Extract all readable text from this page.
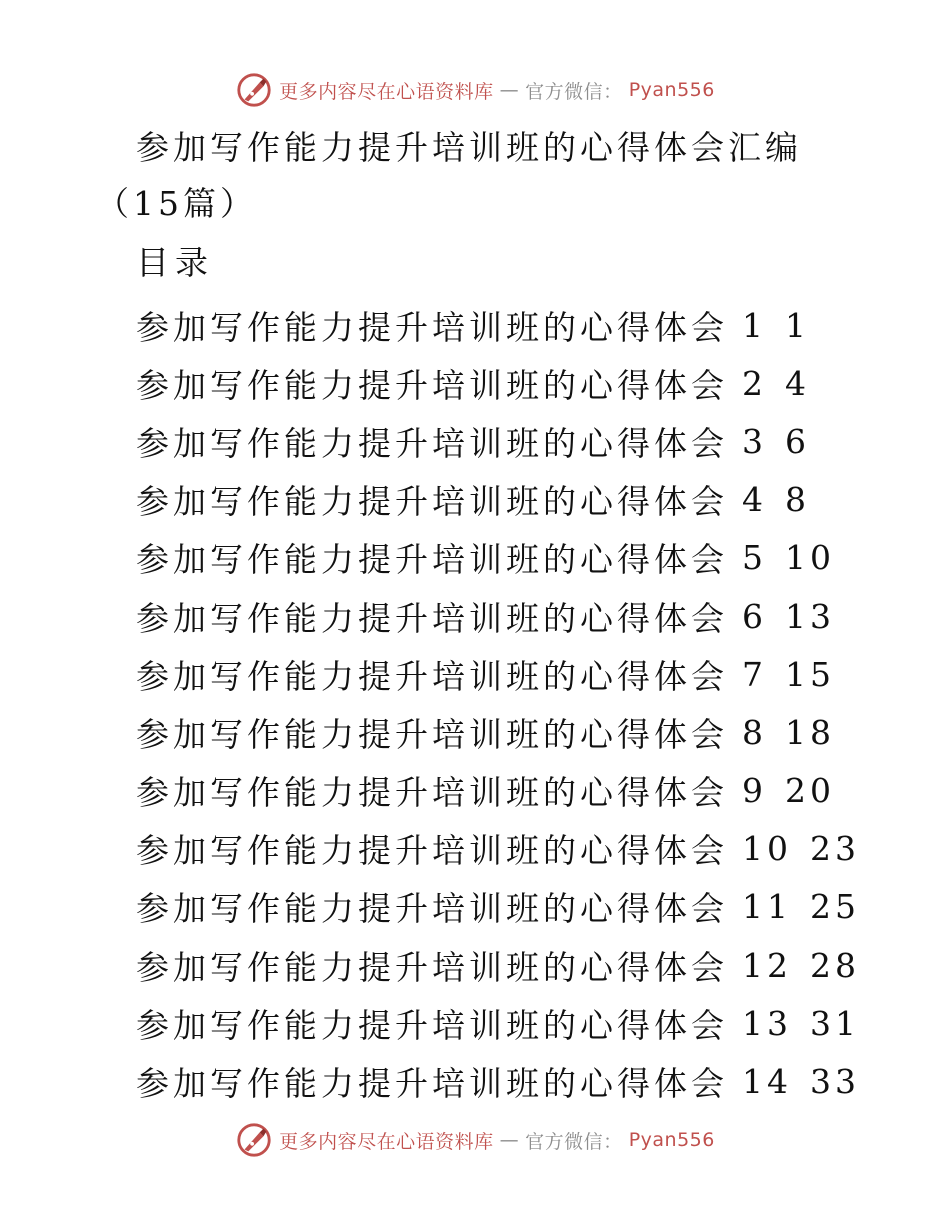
更多内容尽在心语资料库 — 官方微信： Pyan556
参加写作能力提升培训班的心得体会汇编（15篇）
目录
参加写作能力提升培训班的心得体会 1 1
参加写作能力提升培训班的心得体会 2 4
参加写作能力提升培训班的心得体会 3 6
参加写作能力提升培训班的心得体会 4 8
参加写作能力提升培训班的心得体会 5 10
参加写作能力提升培训班的心得体会 6 13
参加写作能力提升培训班的心得体会 7 15
参加写作能力提升培训班的心得体会 8 18
参加写作能力提升培训班的心得体会 9 20
参加写作能力提升培训班的心得体会 10 23
参加写作能力提升培训班的心得体会 11 25
参加写作能力提升培训班的心得体会 12 28
参加写作能力提升培训班的心得体会 13 31
参加写作能力提升培训班的心得体会 14 33
更多内容尽在心语资料库 — 官方微信： Pyan556
